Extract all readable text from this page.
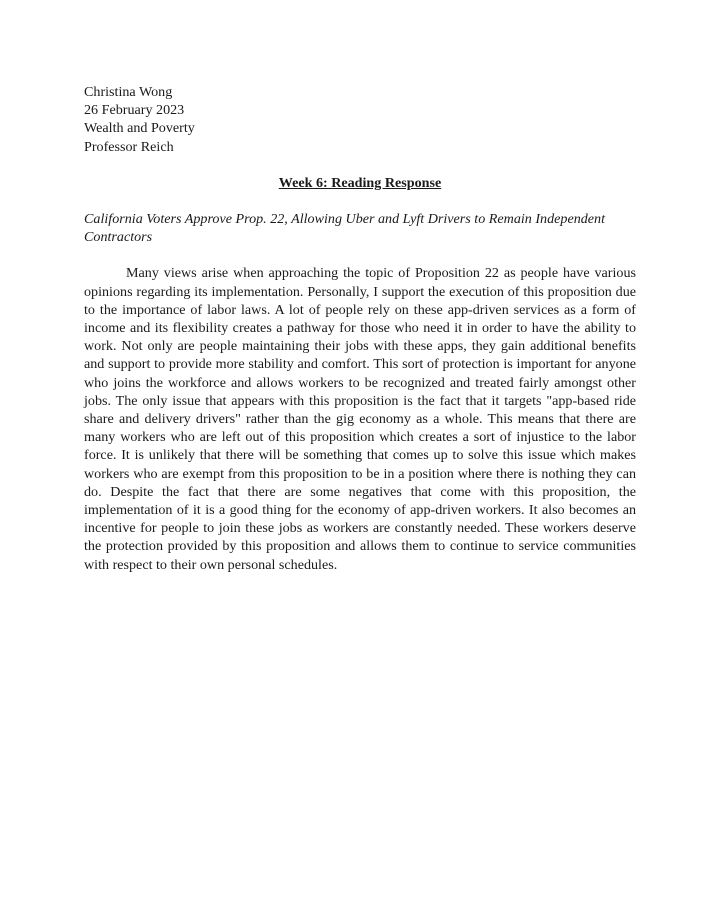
Christina Wong
26 February 2023
Wealth and Poverty
Professor Reich
Week 6: Reading Response
California Voters Approve Prop. 22, Allowing Uber and Lyft Drivers to Remain Independent Contractors

Many views arise when approaching the topic of Proposition 22 as people have various opinions regarding its implementation. Personally, I support the execution of this proposition due to the importance of labor laws. A lot of people rely on these app-driven services as a form of income and its flexibility creates a pathway for those who need it in order to have the ability to work. Not only are people maintaining their jobs with these apps, they gain additional benefits and support to provide more stability and comfort. This sort of protection is important for anyone who joins the workforce and allows workers to be recognized and treated fairly amongst other jobs. The only issue that appears with this proposition is the fact that it targets "app-based ride share and delivery drivers" rather than the gig economy as a whole. This means that there are many workers who are left out of this proposition which creates a sort of injustice to the labor force. It is unlikely that there will be something that comes up to solve this issue which makes workers who are exempt from this proposition to be in a position where there is nothing they can do. Despite the fact that there are some negatives that come with this proposition, the implementation of it is a good thing for the economy of app-driven workers. It also becomes an incentive for people to join these jobs as workers are constantly needed. These workers deserve the protection provided by this proposition and allows them to continue to service communities with respect to their own personal schedules.
